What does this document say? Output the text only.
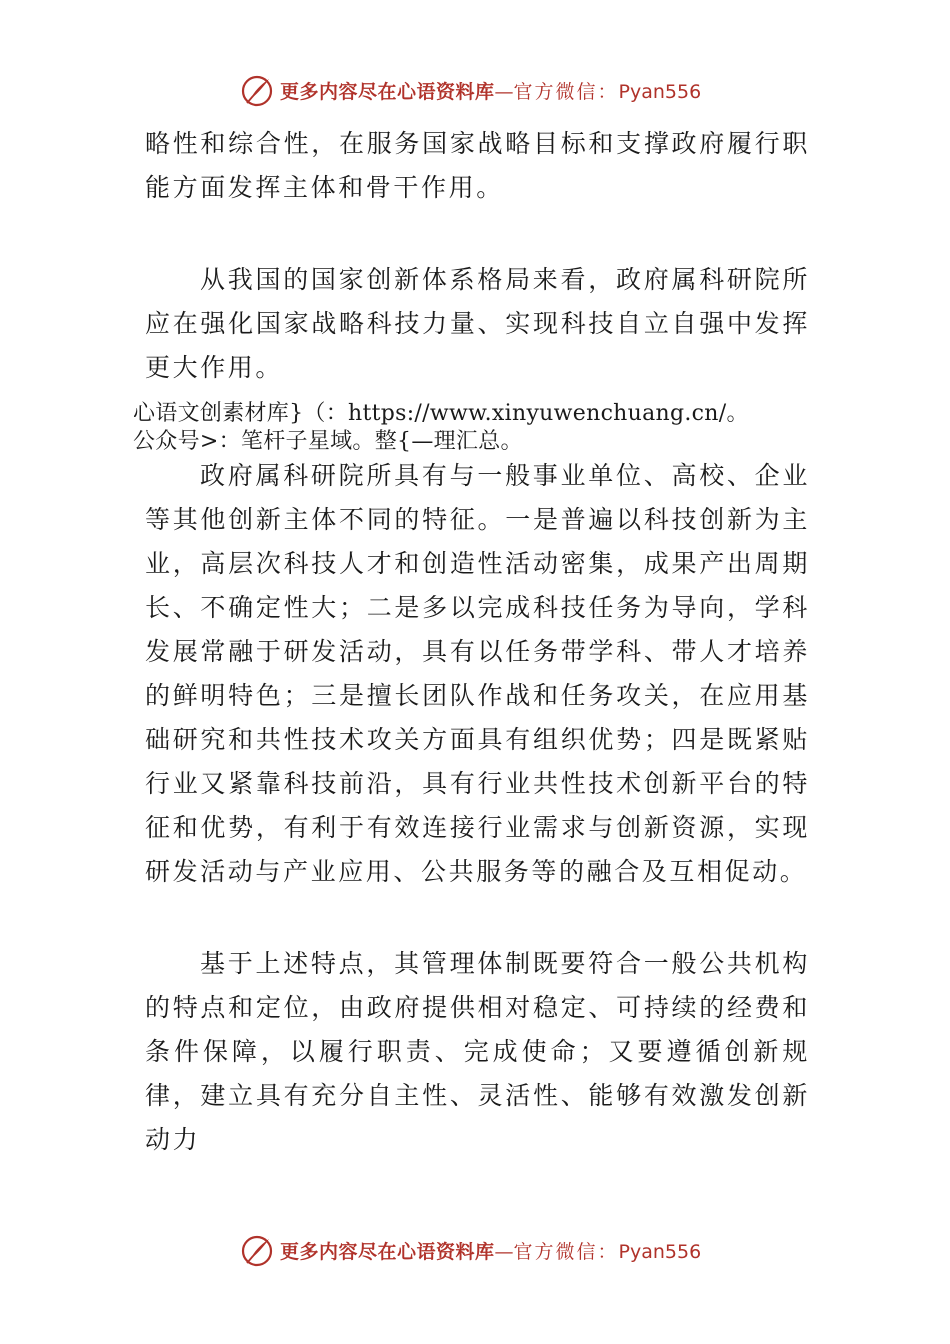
更多内容尽在心语资料库—官方微信：Pyan556

略性和综合性，在服务国家战略目标和支撑政府履行职能方面发挥主体和骨干作用。

从我国的国家创新体系格局来看，政府属科研院所应在强化国家战略科技力量、实现科技自立自强中发挥更大作用。

心语文创素材库}（：https://www.xinyuwenchuang.cn/。

公众号>：笔杆子星域。整{—理汇总。

政府属科研院所具有与一般事业单位、高校、企业等其他创新主体不同的特征。一是普遍以科技创新为主业，高层次科技人才和创造性活动密集，成果产出周期长、不确定性大；二是多以完成科技任务为导向，学科发展常融于研发活动，具有以任务带学科、带人才培养的鲜明特色；三是擅长团队作战和任务攻关，在应用基础研究和共性技术攻关方面具有组织优势；四是既紧贴行业又紧靠科技前沿，具有行业共性技术创新平台的特征和优势，有利于有效连接行业需求与创新资源，实现研发活动与产业应用、公共服务等的融合及互相促动。

基于上述特点，其管理体制既要符合一般公共机构的特点和定位，由政府提供相对稳定、可持续的经费和条件保障，以履行职责、完成使命；又要遵循创新规律，建立具有充分自主性、灵活性、能够有效激发创新动力

更多内容尽在心语资料库—官方微信：Pyan556
